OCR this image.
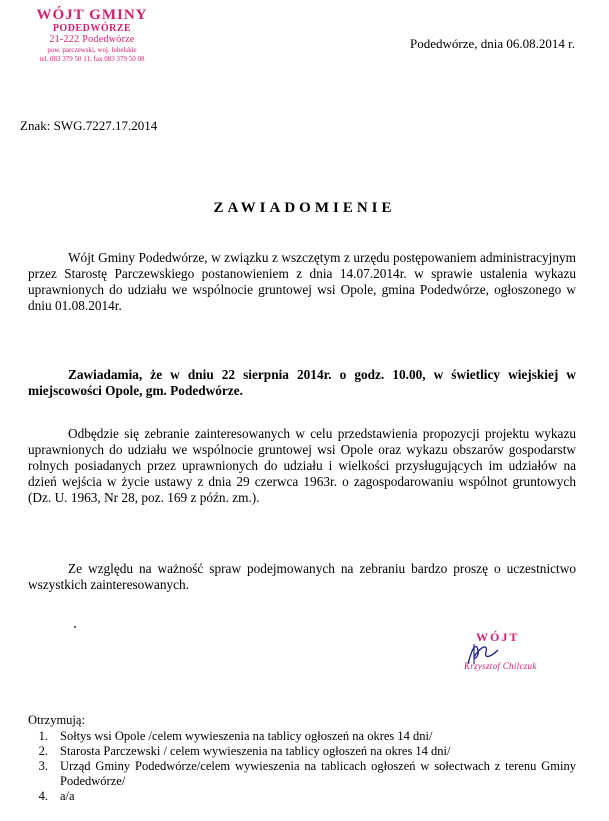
WÓJT GMINY
PODEDWÓRZE
21-222 Podedwórze
pow. parczewski, woj. lubelskie
tel. 083 379 50 11, fax 083 379 50 08
Podedwórze, dnia 06.08.2014 r.
Znak: SWG.7227.17.2014
ZAWIADOMIENIE
Wójt Gminy Podedwórze, w związku z wszczętym z urzędu postępowaniem administracyjnym przez Starostę Parczewskiego postanowieniem z dnia 14.07.2014r. w sprawie ustalenia wykazu uprawnionych do udziału we wspólnocie gruntowej wsi Opole, gmina Podedwórze, ogłoszonego w dniu 01.08.2014r.
Zawiadamia, że w dniu 22 sierpnia 2014r. o godz. 10.00, w świetlicy wiejskiej w miejscowości Opole, gm. Podedwórze.
Odbędzie się zebranie zainteresowanych w celu przedstawienia propozycji projektu wykazu uprawnionych do udziału we wspólnocie gruntowej wsi Opole oraz wykazu obszarów gospodarstw rolnych posiadanych przez uprawnionych do udziału i wielkości przysługujących im udziałów na dzień wejścia w życie ustawy z dnia 29 czerwca 1963r. o zagospodarowaniu wspólnot gruntowych (Dz. U. 1963, Nr 28, poz. 169 z późn. zm.).
Ze względu na ważność spraw podejmowanych na zebraniu bardzo proszę o uczestnictwo wszystkich zainteresowanych.
WÓJT
Krzysztof Chilczuk
Otrzymują:
1. Sołtys wsi Opole /celem wywieszenia na tablicy ogłoszeń na okres 14 dni/
2. Starosta Parczewski / celem wywieszenia na tablicy ogłoszeń na okres 14 dni/
3. Urząd Gminy Podedwórze/celem wywieszenia na tablicach ogłoszeń w sołectwach z terenu Gminy Podedwórze/
4. a/a
